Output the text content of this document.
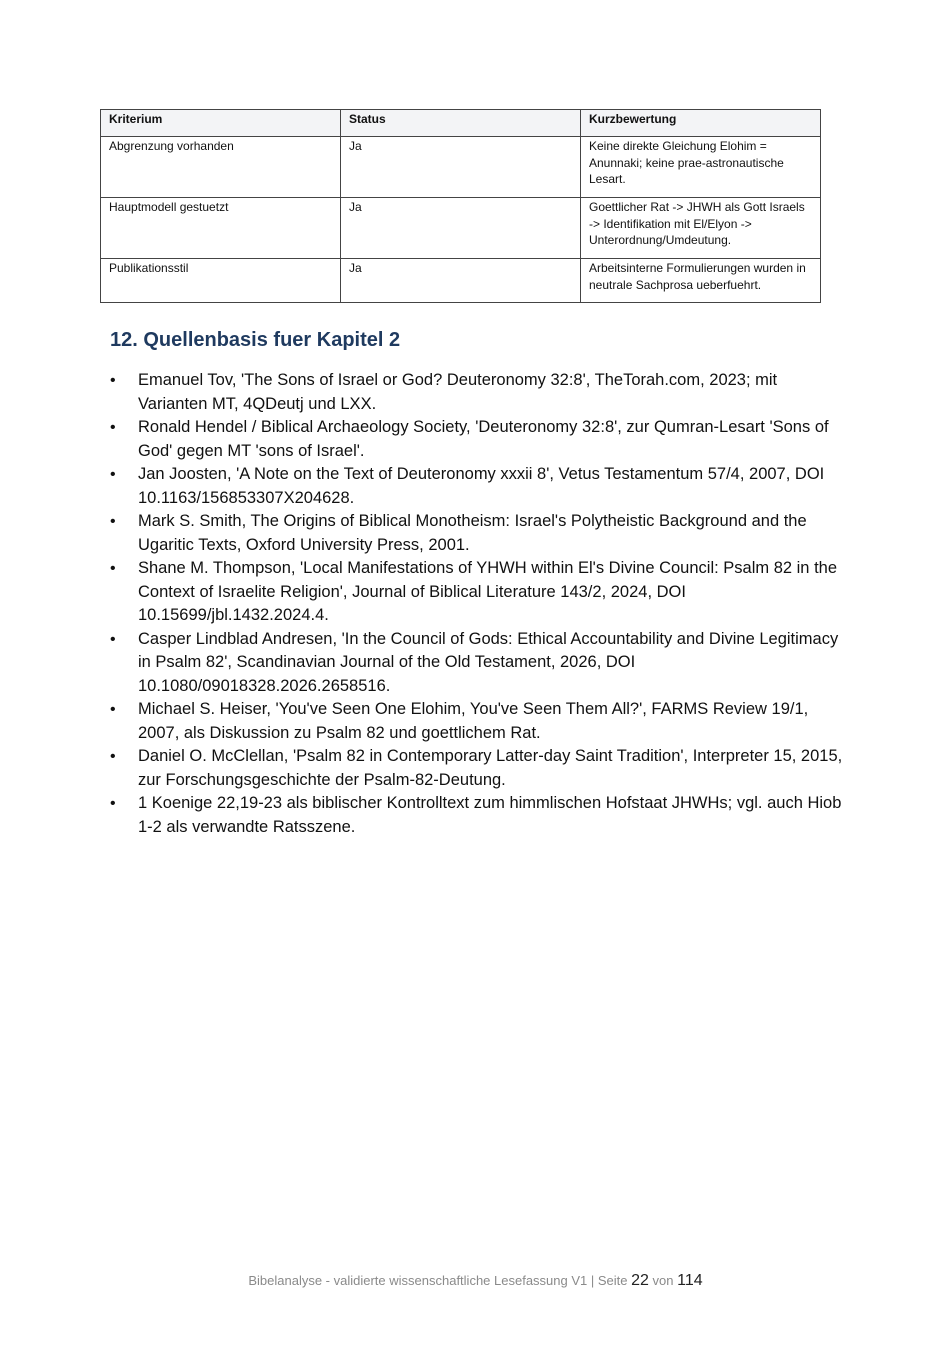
Kriterium	Status	Kurzbewertung
Abgrenzung vorhanden	Ja	Keine direkte Gleichung Elohim = Anunnaki; keine prae-astronautische Lesart.
Hauptmodell gestuetzt	Ja	Goettlicher Rat -> JHWH als Gott Israels -> Identifikation mit El/Elyon -> Unterordnung/Umdeutung.
Publikationsstil	Ja	Arbeitsinterne Formulierungen wurden in neutrale Sachprosa ueberfuehrt.
12. Quellenbasis fuer Kapitel 2
• Emanuel Tov, 'The Sons of Israel or God? Deuteronomy 32:8', TheTorah.com, 2023; mit Varianten MT, 4QDeutj und LXX.
• Ronald Hendel / Biblical Archaeology Society, 'Deuteronomy 32:8', zur Qumran-Lesart 'Sons of God' gegen MT 'sons of Israel'.
• Jan Joosten, 'A Note on the Text of Deuteronomy xxxii 8', Vetus Testamentum 57/4, 2007, DOI 10.1163/156853307X204628.
• Mark S. Smith, The Origins of Biblical Monotheism: Israel's Polytheistic Background and the Ugaritic Texts, Oxford University Press, 2001.
• Shane M. Thompson, 'Local Manifestations of YHWH within El's Divine Council: Psalm 82 in the Context of Israelite Religion', Journal of Biblical Literature 143/2, 2024, DOI 10.15699/jbl.1432.2024.4.
• Casper Lindblad Andresen, 'In the Council of Gods: Ethical Accountability and Divine Legitimacy in Psalm 82', Scandinavian Journal of the Old Testament, 2026, DOI 10.1080/09018328.2026.2658516.
• Michael S. Heiser, 'You've Seen One Elohim, You've Seen Them All?', FARMS Review 19/1, 2007, als Diskussion zu Psalm 82 und goettlichem Rat.
• Daniel O. McClellan, 'Psalm 82 in Contemporary Latter-day Saint Tradition', Interpreter 15, 2015, zur Forschungsgeschichte der Psalm-82-Deutung.
• 1 Koenige 22,19-23 als biblischer Kontrolltext zum himmlischen Hofstaat JHWHs; vgl. auch Hiob 1-2 als verwandte Ratsszene.
Bibelanalyse - validierte wissenschaftliche Lesefassung V1 | Seite 22 von 114
